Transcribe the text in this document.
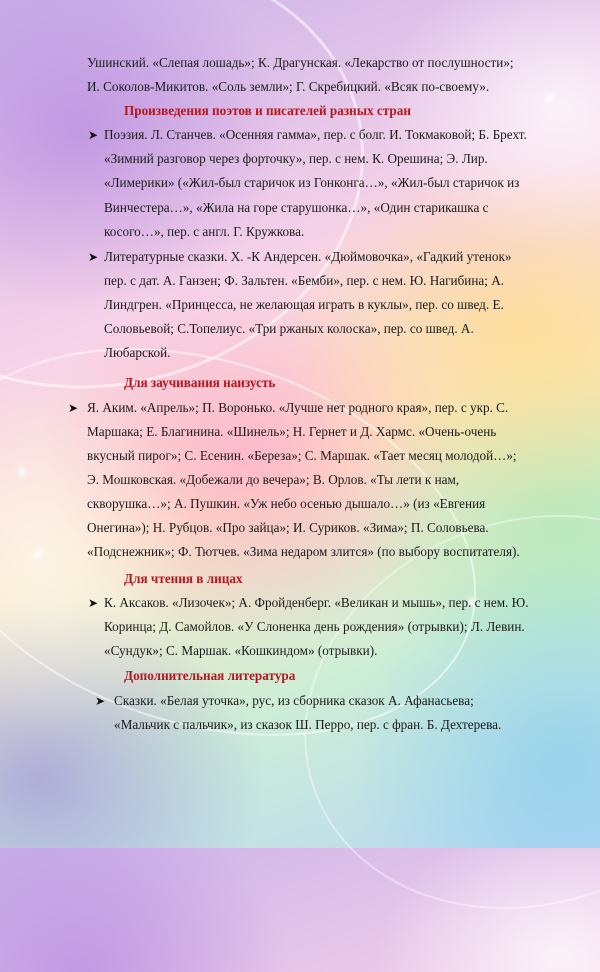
Ушинский. «Слепая лошадь»; К. Драгунская. «Лекарство от послушности»;

И. Соколов-Микитов. «Соль земли»; Г. Скребицкий. «Всяк по-своему».

Произведения поэтов и писателей разных стран
➤ Поэзия. Л. Станчев. «Осенняя гамма», пер. с болг. И. Токмаковой; Б. Брехт.

«Зимний разговор через форточку», пер. с нем. К. Орешина; Э. Лир.

«Лимерики» («Жил-был старичок из Гонконга…», «Жил-был старичок из

Винчестера…», «Жила на горе старушонка…», «Один старикашка с

косого…», пер. с англ. Г. Кружкова.

➤ Литературные сказки. Х. -К Андерсен. «Дюймовочка», «Гадкий утенок»

пер. с дат. А. Ганзен; Ф. Зальтен. «Бемби», пер. с нем. Ю. Нагибина; А.

Линдгрен. «Принцесса, не желающая играть в куклы», пер. со швед. Е.

Соловьевой; С.Топелиус. «Три ржаных колоска», пер. со швед. А.

Любарской.

Для заучивания наизусть
➤ Я. Аким. «Апрель»; П. Воронько. «Лучше нет родного края», пер. с укр. С.

Маршака; Е. Благинина. «Шинель»; Н. Гернет и Д. Хармс. «Очень-очень

вкусный пирог»; С. Есенин. «Береза»; С. Маршак. «Тает месяц молодой…»;

Э. Мошковская. «Добежали до вечера»; В. Орлов. «Ты лети к нам,

скворушка…»; А. Пушкин. «Уж небо осенью дышало…» (из «Евгения

Онегина»); Н. Рубцов. «Про зайца»; И. Суриков. «Зима»; П. Соловьева.

«Подснежник»; Ф. Тютчев. «Зима недаром злится» (по выбору воспитателя).

Для чтения в лицах
➤ К. Аксаков. «Лизочек»; А. Фройденберг. «Великан и мышь», пер. с нем. Ю.

Коринца; Д. Самойлов. «У Слоненка день рождения» (отрывки); Л. Левин.

«Сундук»; С. Маршак. «Кошкиндом» (отрывки).

Дополнительная литература
➤ Сказки. «Белая уточка», рус, из сборника сказок А. Афанасьева;

«Мальчик с пальчик», из сказок Ш. Перро, пер. с фран. Б. Дехтерева.
